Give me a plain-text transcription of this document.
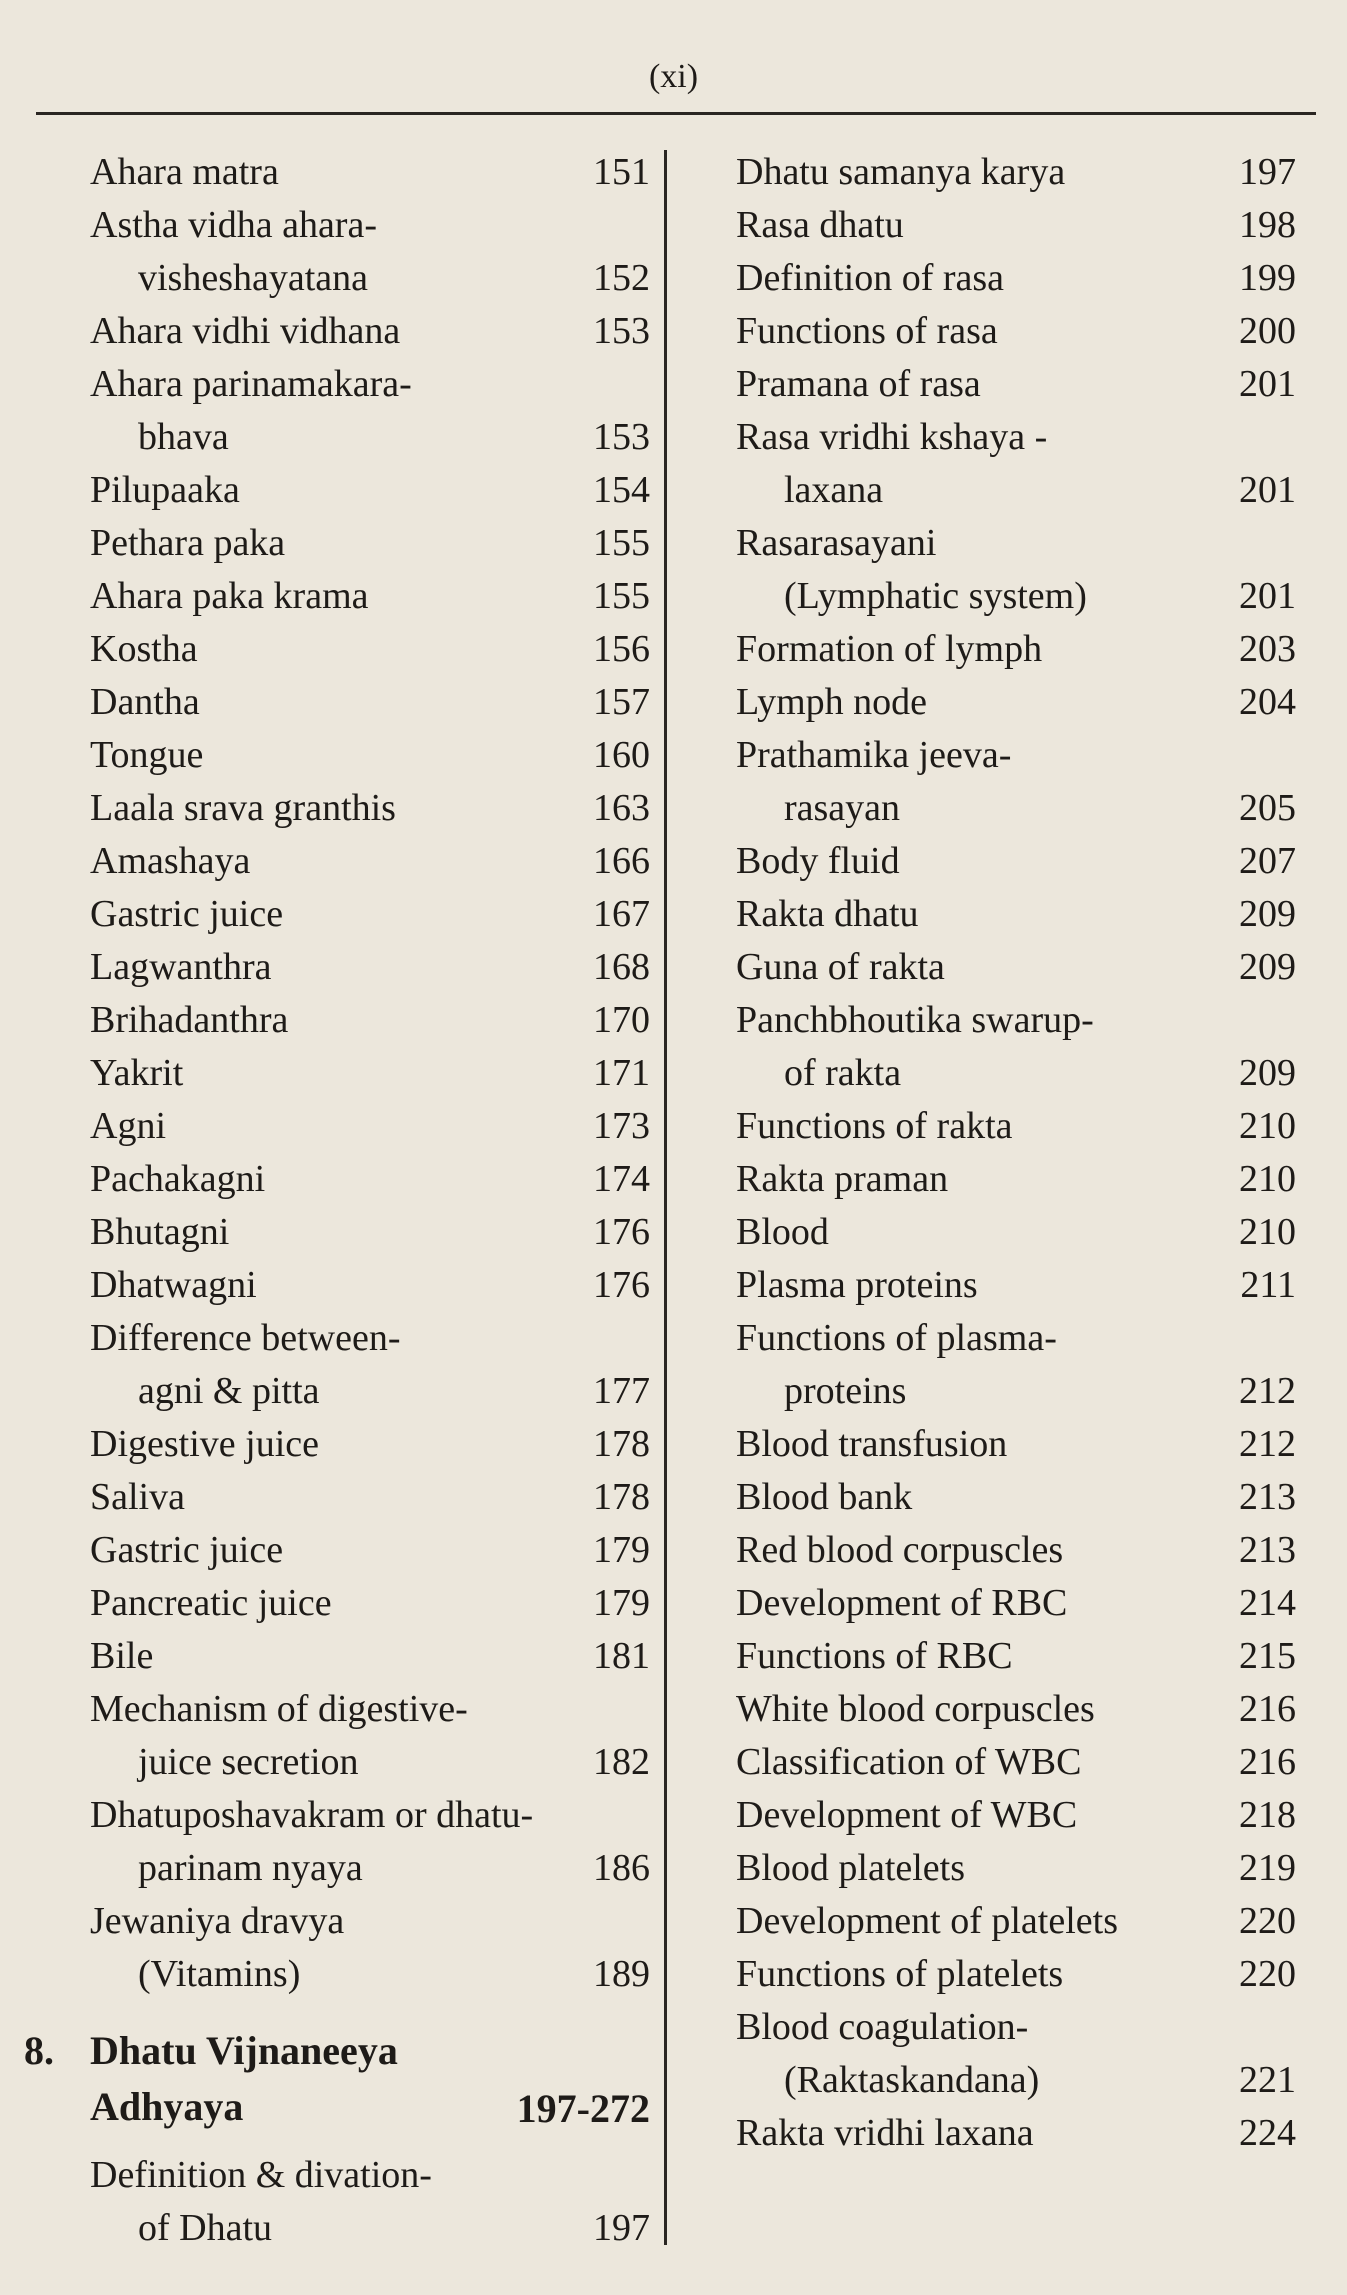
(xi)
Ahara matra	151
Astha vidha ahara-
visheshayatana	152
Ahara vidhi vidhana	153
Ahara parinamakara-
bhava	153
Pilupaaka	154
Pethara paka	155
Ahara paka krama	155
Kostha	156
Dantha	157
Tongue	160
Laala srava granthis	163
Amashaya	166
Gastric juice	167
Lagwanthra	168
Brihadanthra	170
Yakrit	171
Agni	173
Pachakagni	174
Bhutagni	176
Dhatwagni	176
Difference between-
agni & pitta	177
Digestive juice	178
Saliva	178
Gastric juice	179
Pancreatic juice	179
Bile	181
Mechanism of digestive-
juice secretion	182
Dhatuposhavakram or dhatu-
parinam nyaya	186
Jewaniya dravya
(Vitamins)	189
8. Dhatu Vijnaneeya
Adhyaya	197-272
Definition & divation-
of Dhatu	197
Dhatu samanya karya	197
Rasa dhatu	198
Definition of rasa	199
Functions of rasa	200
Pramana of rasa	201
Rasa vridhi kshaya -
laxana	201
Rasarasayani
(Lymphatic system)	201
Formation of lymph	203
Lymph node	204
Prathamika jeeva-
rasayan	205
Body fluid	207
Rakta dhatu	209
Guna of rakta	209
Panchbhoutika swarup-
of rakta	209
Functions of rakta	210
Rakta praman	210
Blood	210
Plasma proteins	211
Functions of plasma-
proteins	212
Blood transfusion	212
Blood bank	213
Red blood corpuscles	213
Development of RBC	214
Functions of RBC	215
White blood corpuscles	216
Classification of WBC	216
Development of WBC	218
Blood platelets	219
Development of platelets	220
Functions of platelets	220
Blood coagulation-
(Raktaskandana)	221
Rakta vridhi laxana	224
